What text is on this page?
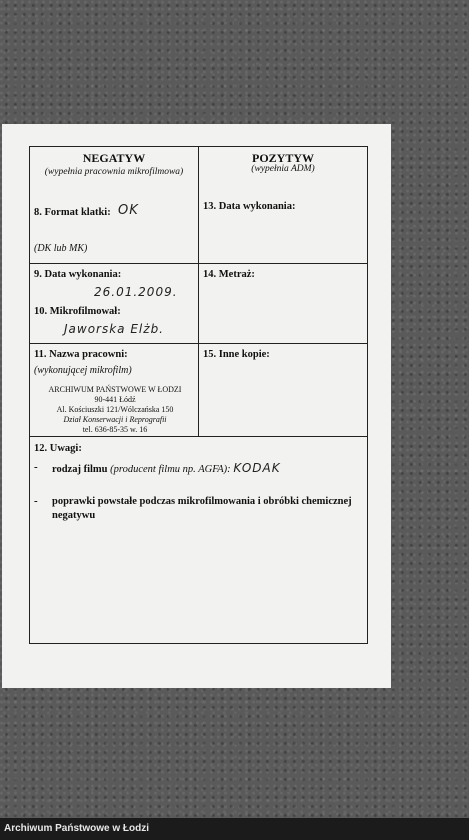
NEGATYW
(wypełnia pracownia mikrofilmowa)
POZYTYW
(wypełnia ADM)
8. Format klatki: OK
(DK lub MK)
13. Data wykonania:
9. Data wykonania:
26.01.2009.
14. Metraż:
10. Mikrofilmował:
Jaworska Elżb.
11. Nazwa pracowni:
(wykonującej mikrofilm)
ARCHIWUM PAŃSTWOWE W ŁODZI
90-441 Łódź
Al. Kościuszki 121/Wólczańska 150
Dział Konserwacji i Reprografii
tel. 636-85-35 w. 16
15. Inne kopie:
12. Uwagi:
- rodzaj filmu (producent filmu np. AGFA): KODAK
- poprawki powstałe podczas mikrofilmowania i obróbki chemicznej negatywu
Archiwum Państwowe w Łodzi
